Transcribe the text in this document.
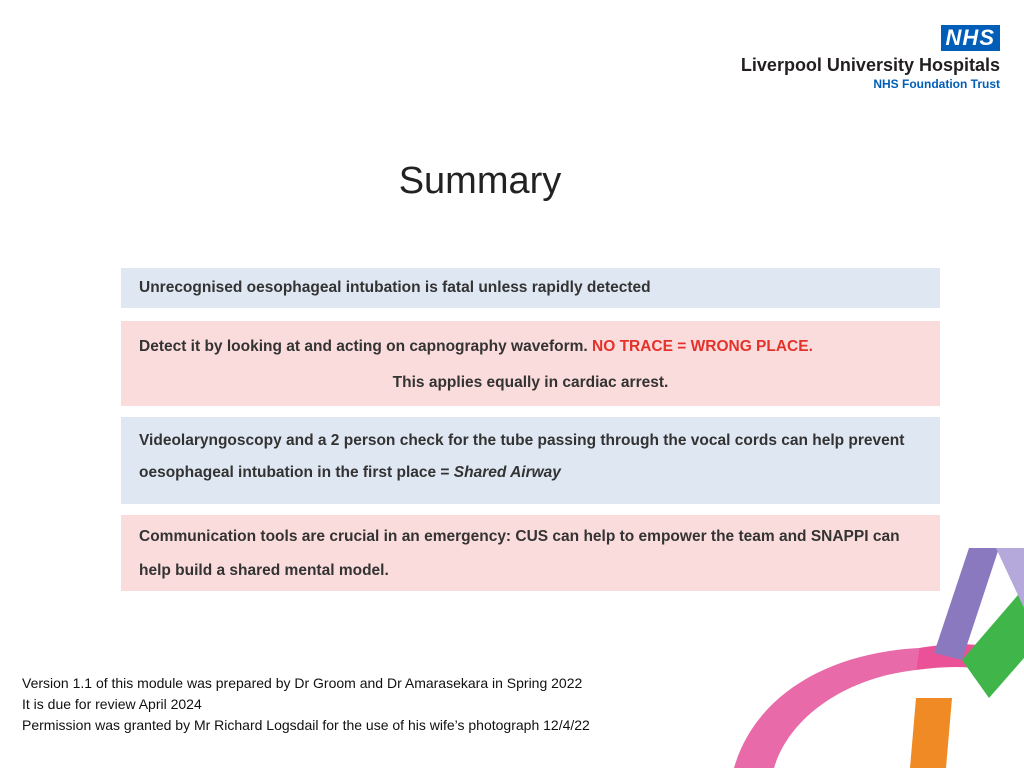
NHS
Liverpool University Hospitals
NHS Foundation Trust
Summary
Unrecognised oesophageal intubation is fatal unless rapidly detected
Detect it by looking at and acting on capnography waveform. NO TRACE = WRONG PLACE.
This applies equally in cardiac arrest.
Videolaryngoscopy and a 2 person check for the tube passing through the vocal cords can help prevent oesophageal intubation in the first place = Shared Airway
Communication tools are crucial in an emergency: CUS can help to empower the team and SNAPPI can help build a shared mental model.
Version 1.1 of this module was prepared by Dr Groom and Dr Amarasekara in Spring 2022
It is due for review April 2024
Permission was granted by Mr Richard Logsdail for the use of his wife’s photograph 12/4/22
